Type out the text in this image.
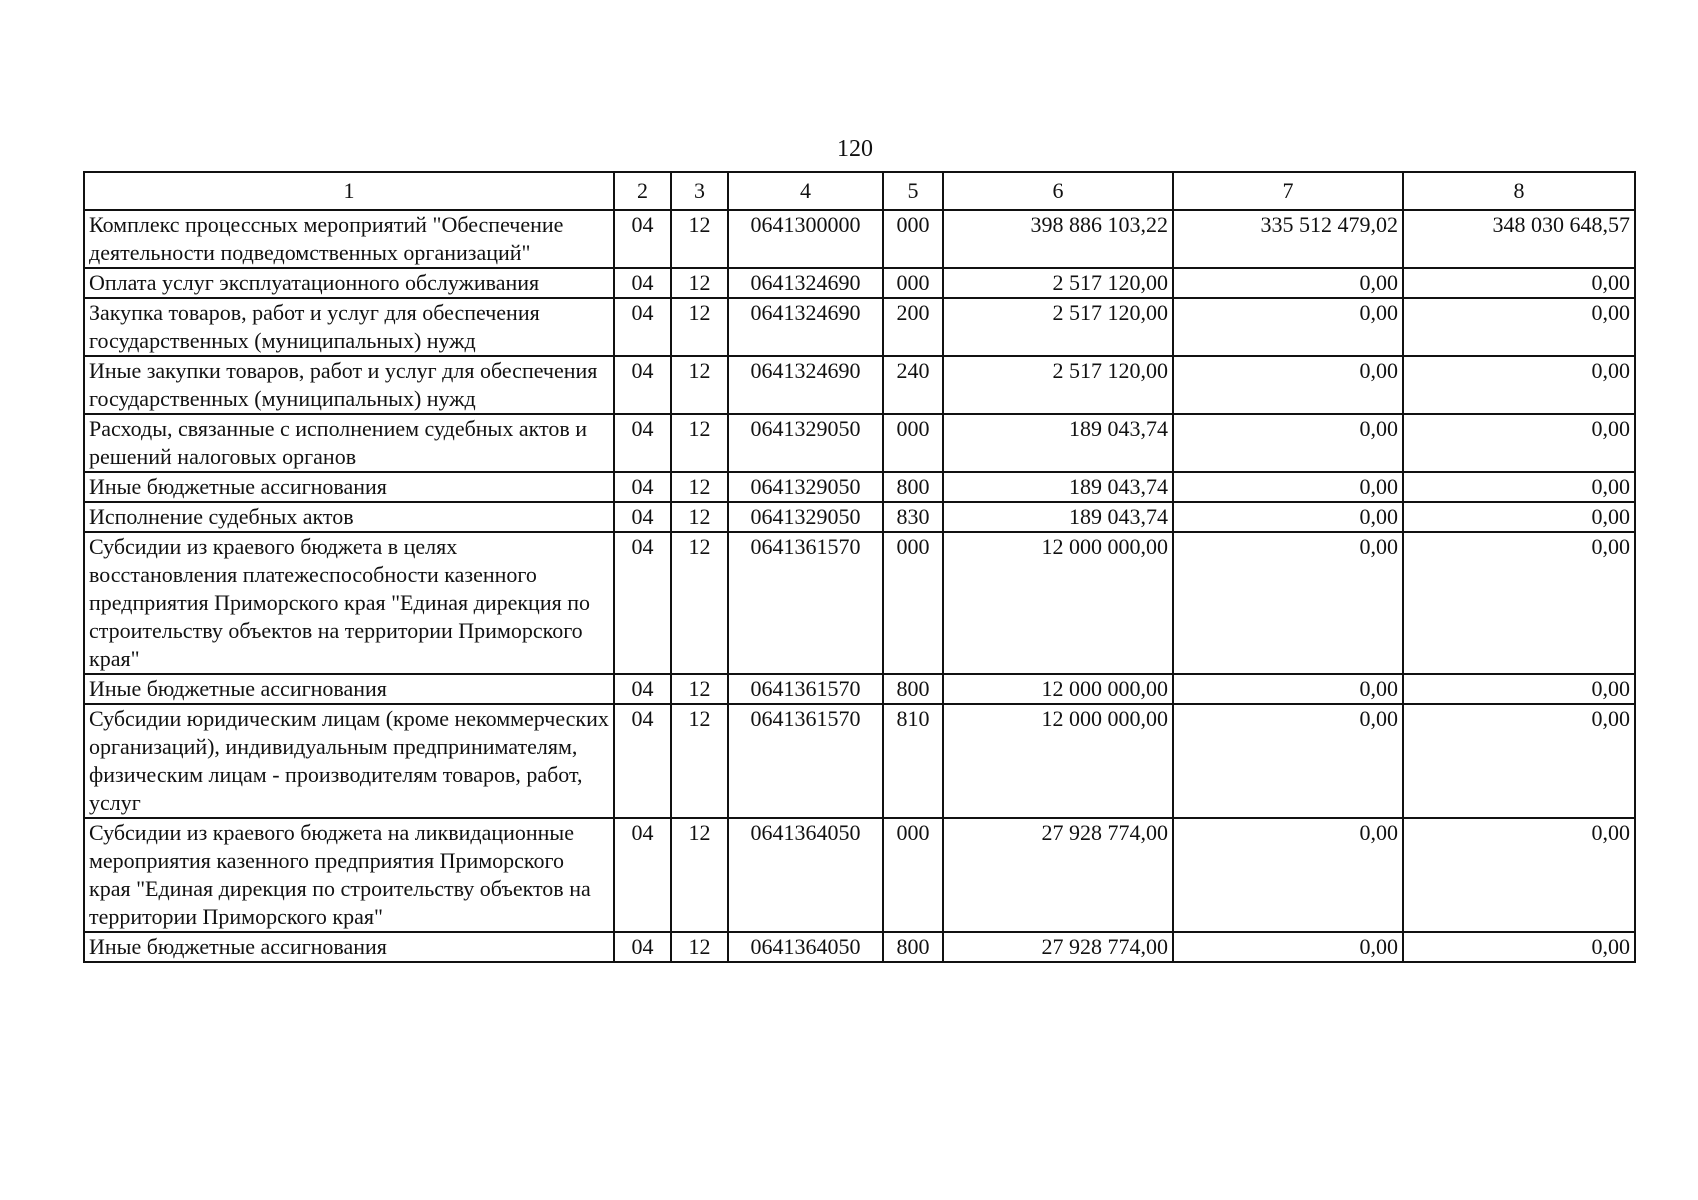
120
1	2	3	4	5	6	7	8
Комплекс процессных мероприятий "Обеспечение деятельности подведомственных организаций"	04	12	0641300000	000	398 886 103,22	335 512 479,02	348 030 648,57
Оплата услуг эксплуатационного обслуживания	04	12	0641324690	000	2 517 120,00	0,00	0,00
Закупка товаров, работ и услуг для обеспечения государственных (муниципальных) нужд	04	12	0641324690	200	2 517 120,00	0,00	0,00
Иные закупки товаров, работ и услуг для обеспечения государственных (муниципальных) нужд	04	12	0641324690	240	2 517 120,00	0,00	0,00
Расходы, связанные с исполнением судебных актов и решений налоговых органов	04	12	0641329050	000	189 043,74	0,00	0,00
Иные бюджетные ассигнования	04	12	0641329050	800	189 043,74	0,00	0,00
Исполнение судебных актов	04	12	0641329050	830	189 043,74	0,00	0,00
Субсидии из краевого бюджета в целях восстановления платежеспособности казенного предприятия Приморского края "Единая дирекция по строительству объектов на территории Приморского края"	04	12	0641361570	000	12 000 000,00	0,00	0,00
Иные бюджетные ассигнования	04	12	0641361570	800	12 000 000,00	0,00	0,00
Субсидии юридическим лицам (кроме некоммерческих организаций), индивидуальным предпринимателям, физическим лицам - производителям товаров, работ, услуг	04	12	0641361570	810	12 000 000,00	0,00	0,00
Субсидии из краевого бюджета на ликвидационные мероприятия казенного предприятия Приморского края "Единая дирекция по строительству объектов на территории Приморского края"	04	12	0641364050	000	27 928 774,00	0,00	0,00
Иные бюджетные ассигнования	04	12	0641364050	800	27 928 774,00	0,00	0,00
